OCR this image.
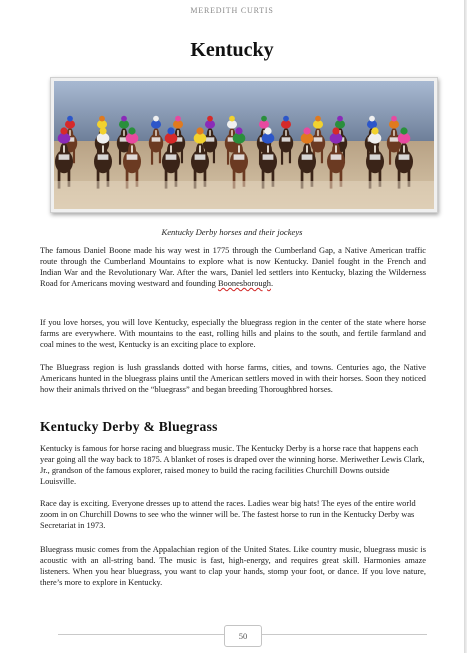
MEREDITH CURTIS
Kentucky
Kentucky Derby horses and their jockeys

The famous Daniel Boone made his way west in 1775 through the Cumberland Gap, a Native American traffic route through the Cumberland Mountains to explore what is now Kentucky. Daniel fought in the French and Indian War and the Revolutionary War. After the wars, Daniel led settlers into Kentucky, blazing the Wilderness Road for Americans moving westward and founding Boonesborough.

If you love horses, you will love Kentucky, especially the bluegrass region in the center of the state where horse farms are everywhere. With mountains to the east, rolling hills and plains to the south, and fertile farmland and coal mines to the west, Kentucky is an exciting place to explore.

The Bluegrass region is lush grasslands dotted with horse farms, cities, and towns. Centuries ago, the Native Americans hunted in the bluegrass plains until the American settlers moved in with their horses. Soon they noticed how their animals thrived on the “bluegrass” and began breeding Thoroughbred horses.

Kentucky Derby & Bluegrass

Kentucky is famous for horse racing and bluegrass music. The Kentucky Derby is a horse race that happens each year going all the way back to 1875. A blanket of roses is draped over the winning horse. Meriwether Lewis Clark, Jr., grandson of the famous explorer, raised money to build the racing facilities Churchill Downs outside Louisville.

Race day is exciting. Everyone dresses up to attend the races. Ladies wear big hats! The eyes of the entire world zoom in on Churchill Downs to see who the winner will be. The fastest horse to run in the Kentucky Derby was Secretariat in 1973.

Bluegrass music comes from the Appalachian region of the United States. Like country music, bluegrass music is acoustic with an all-string band. The music is fast, high-energy, and requires great skill. Harmonies amaze listeners. When you hear bluegrass, you want to clap your hands, stomp your foot, or dance. If you love nature, there’s more to explore in Kentucky.

50
